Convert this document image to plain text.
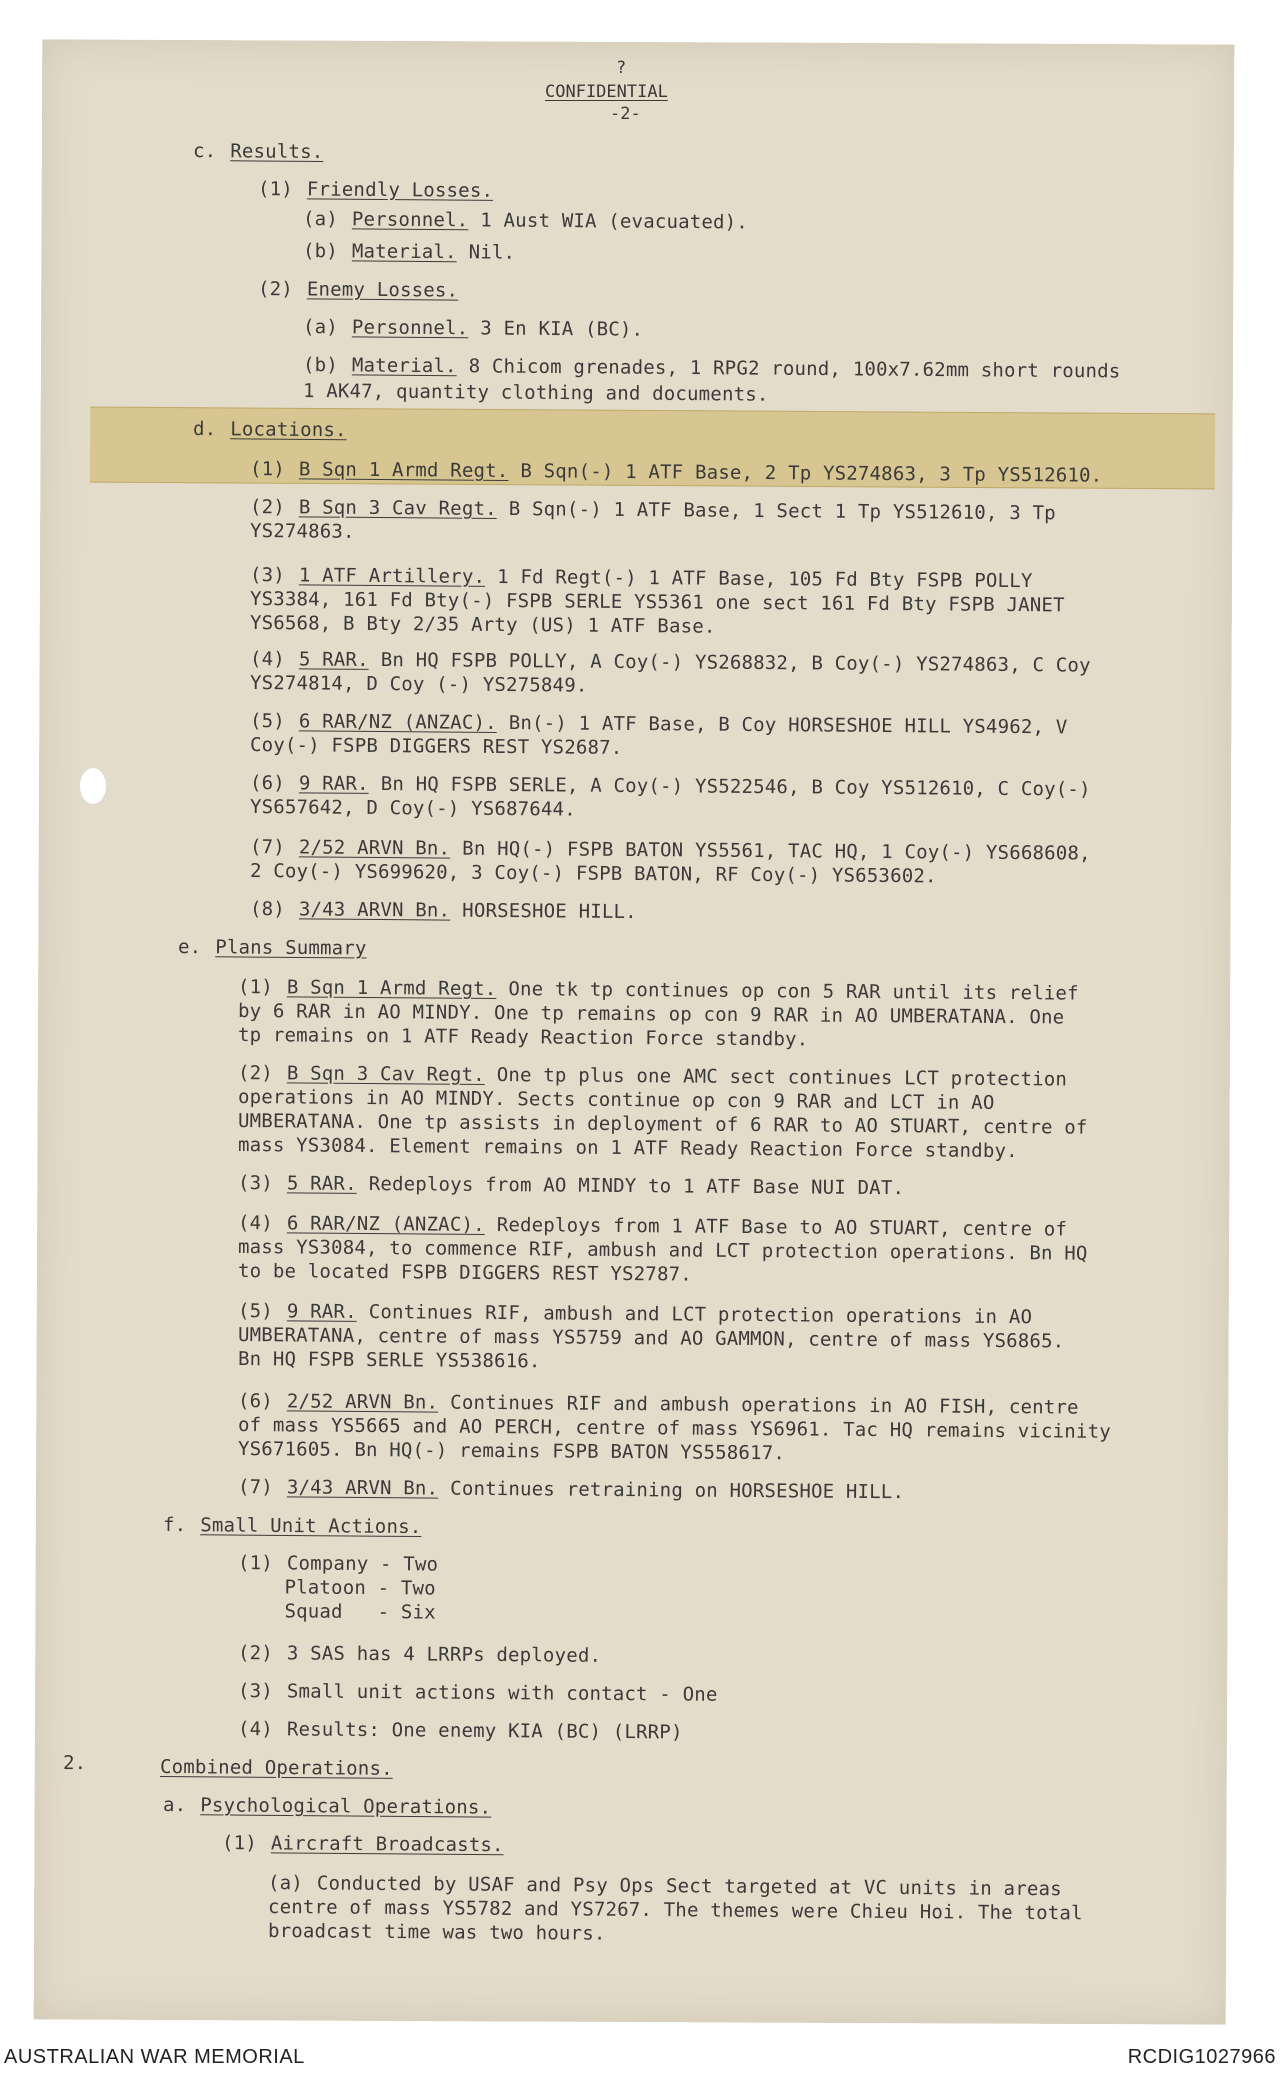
?
CONFIDENTIAL
-2-
c. Results.
(1) Friendly Losses.
(a) Personnel. 1 Aust WIA (evacuated).
(b) Material. Nil.
(2) Enemy Losses.
(a) Personnel. 3 En KIA (BC).
(b) Material. 8 Chicom grenades, 1 RPG2 round, 100x7.62mm short rounds
1 AK47, quantity clothing and documents.
d. Locations.
(1) B Sqn 1 Armd Regt. B Sqn(-) 1 ATF Base, 2 Tp YS274863, 3 Tp YS512610.
(2) B Sqn 3 Cav Regt. B Sqn(-) 1 ATF Base, 1 Sect 1 Tp YS512610, 3 Tp
YS274863.
(3) 1 ATF Artillery. 1 Fd Regt(-) 1 ATF Base, 105 Fd Bty FSPB POLLY
YS3384, 161 Fd Bty(-) FSPB SERLE YS5361 one sect 161 Fd Bty FSPB JANET
YS6568, B Bty 2/35 Arty (US) 1 ATF Base.
(4) 5 RAR. Bn HQ FSPB POLLY, A Coy(-) YS268832, B Coy(-) YS274863, C Coy
YS274814, D Coy (-) YS275849.
(5) 6 RAR/NZ (ANZAC). Bn(-) 1 ATF Base, B Coy HORSESHOE HILL YS4962, V
Coy(-) FSPB DIGGERS REST YS2687.
(6) 9 RAR. Bn HQ FSPB SERLE, A Coy(-) YS522546, B Coy YS512610, C Coy(-)
YS657642, D Coy(-) YS687644.
(7) 2/52 ARVN Bn. Bn HQ(-) FSPB BATON YS5561, TAC HQ, 1 Coy(-) YS668608,
2 Coy(-) YS699620, 3 Coy(-) FSPB BATON, RF Coy(-) YS653602.
(8) 3/43 ARVN Bn. HORSESHOE HILL.
e. Plans Summary
(1) B Sqn 1 Armd Regt. One tk tp continues op con 5 RAR until its relief
by 6 RAR in AO MINDY. One tp remains op con 9 RAR in AO UMBERATANA. One
tp remains on 1 ATF Ready Reaction Force standby.
(2) B Sqn 3 Cav Regt. One tp plus one AMC sect continues LCT protection
operations in AO MINDY. Sects continue op con 9 RAR and LCT in AO
UMBERATANA. One tp assists in deployment of 6 RAR to AO STUART, centre of
mass YS3084. Element remains on 1 ATF Ready Reaction Force standby.
(3) 5 RAR. Redeploys from AO MINDY to 1 ATF Base NUI DAT.
(4) 6 RAR/NZ (ANZAC). Redeploys from 1 ATF Base to AO STUART, centre of
mass YS3084, to commence RIF, ambush and LCT protection operations. Bn HQ
to be located FSPB DIGGERS REST YS2787.
(5) 9 RAR. Continues RIF, ambush and LCT protection operations in AO
UMBERATANA, centre of mass YS5759 and AO GAMMON, centre of mass YS6865.
Bn HQ FSPB SERLE YS538616.
(6) 2/52 ARVN Bn. Continues RIF and ambush operations in AO FISH, centre
of mass YS5665 and AO PERCH, centre of mass YS6961. Tac HQ remains vicinity
YS671605. Bn HQ(-) remains FSPB BATON YS558617.
(7) 3/43 ARVN Bn. Continues retraining on HORSESHOE HILL.
f. Small Unit Actions.
(1) Company - Two
Platoon - Two
Squad   - Six
(2) 3 SAS has 4 LRRPs deployed.
(3) Small unit actions with contact - One
(4) Results: One enemy KIA (BC) (LRRP)
2.	Combined Operations.
a. Psychological Operations.
(1) Aircraft Broadcasts.
(a) Conducted by USAF and Psy Ops Sect targeted at VC units in areas
centre of mass YS5782 and YS7267. The themes were Chieu Hoi. The total
broadcast time was two hours.
AUSTRALIAN WAR MEMORIAL	RCDIG1027966
